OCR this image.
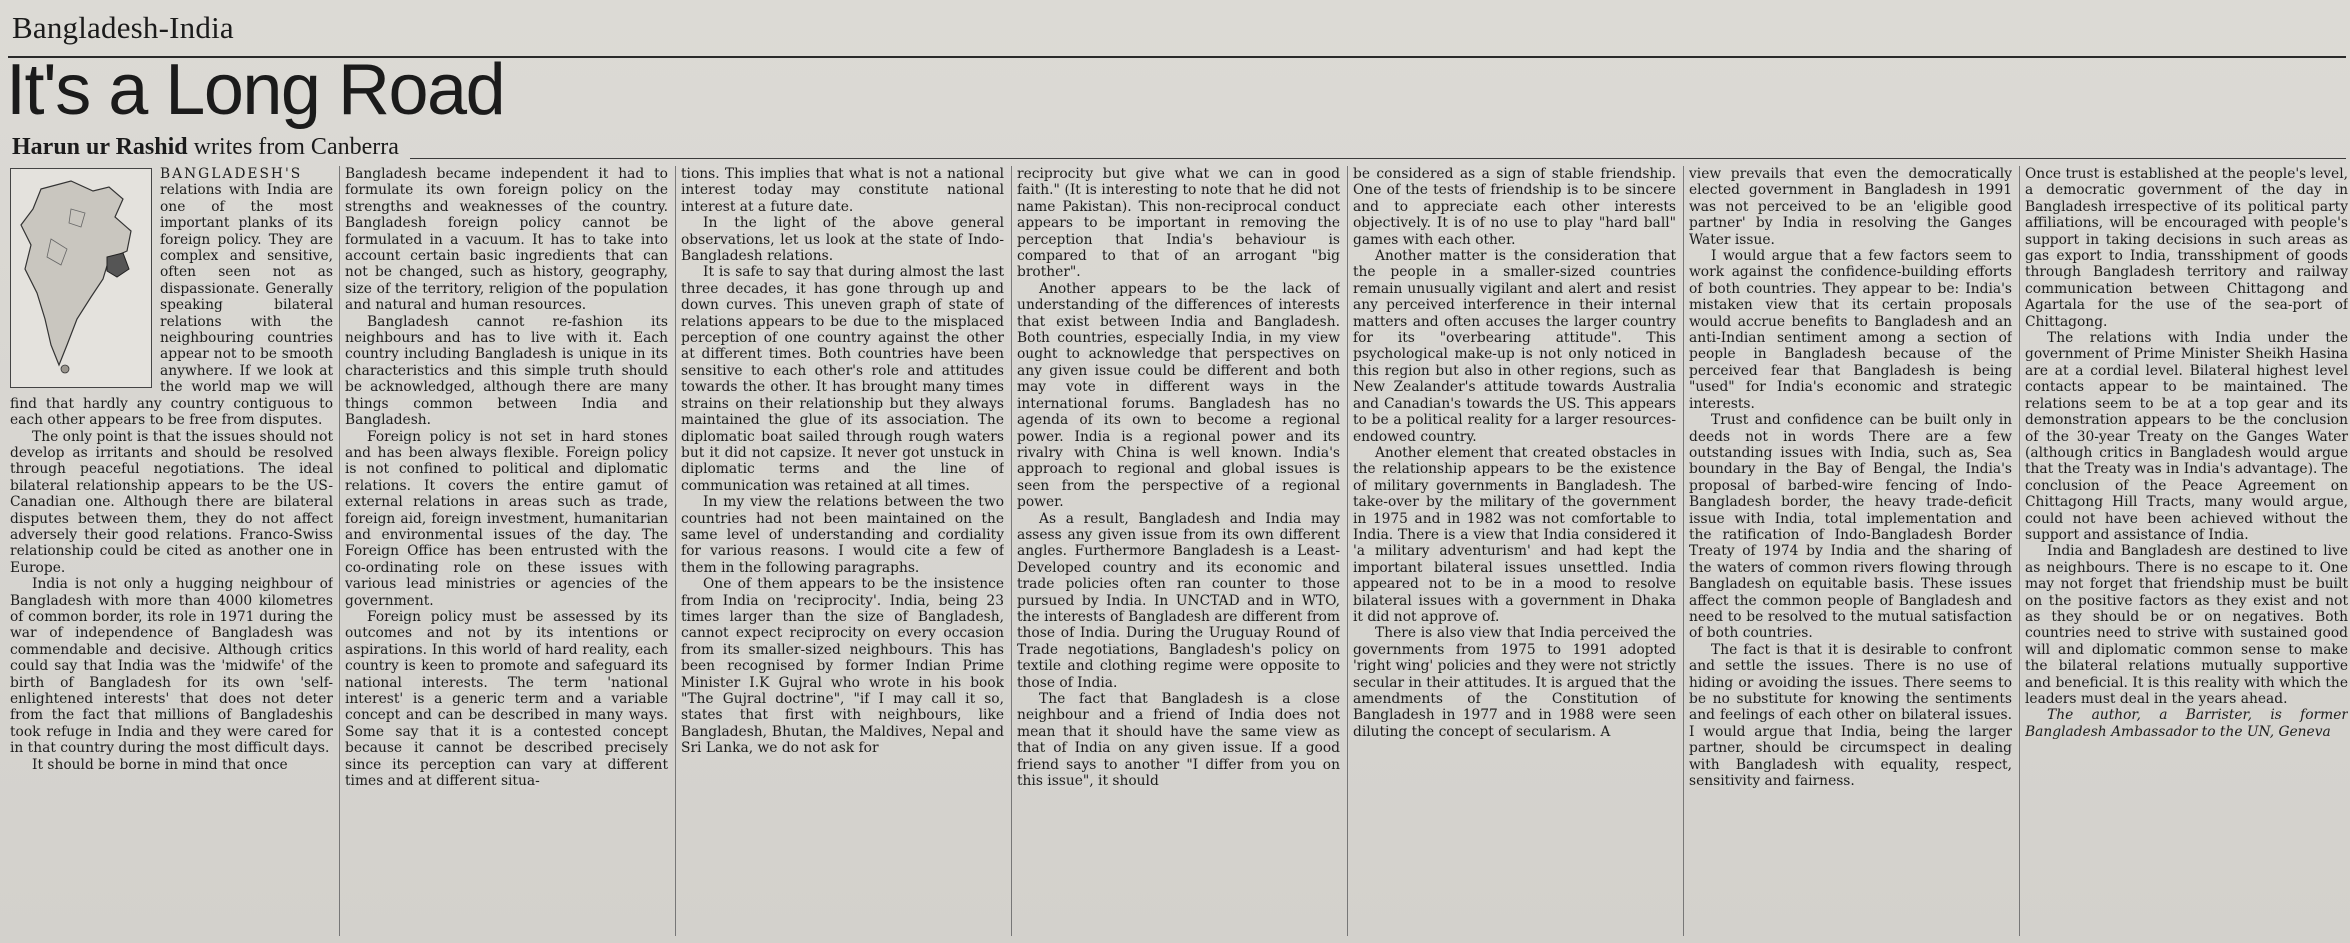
Bangladesh-India
It's a Long Road
Harun ur Rashid writes from Canberra

BANGLADESH'S relations with India are one of the most important planks of its foreign policy. They are complex and sensitive, often seen not as dispassionate. Generally speaking bilateral relations with the neighbouring countries appear not to be smooth anywhere. If we look at the world map we will find that hardly any country contiguous to each other appears to be free from disputes.

The only point is that the issues should not develop as irritants and should be resolved through peaceful negotiations. The ideal bilateral relationship appears to be the US-Canadian one. Although there are bilateral disputes between them, they do not affect adversely their good relations. Franco-Swiss relationship could be cited as another one in Europe.

India is not only a hugging neighbour of Bangladesh with more than 4000 kilometres of common border, its role in 1971 during the war of independence of Bangladesh was commendable and decisive. Although critics could say that India was the 'midwife' of the birth of Bangladesh for its own 'self-enlightened interests' that does not deter from the fact that millions of Bangladeshis took refuge in India and they were cared for in that country during the most difficult days.

It should be borne in mind that once

Bangladesh became independent it had to formulate its own foreign policy on the strengths and weaknesses of the country. Bangladesh foreign policy cannot be formulated in a vacuum. It has to take into account certain basic ingredients that can not be changed, such as history, geography, size of the territory, religion of the population and natural and human resources.

Bangladesh cannot re-fashion its neighbours and has to live with it. Each country including Bangladesh is unique in its characteristics and this simple truth should be acknowledged, although there are many things common between India and Bangladesh.

Foreign policy is not set in hard stones and has been always flexible. Foreign policy is not confined to political and diplomatic relations. It covers the entire gamut of external relations in areas such as trade, foreign aid, foreign investment, humanitarian and environmental issues of the day. The Foreign Office has been entrusted with the co-ordinating role on these issues with various lead ministries or agencies of the government.

Foreign policy must be assessed by its outcomes and not by its intentions or aspirations. In this world of hard reality, each country is keen to promote and safeguard its national interests. The term 'national interest' is a generic term and a variable concept and can be described in many ways. Some say that it is a contested concept because it cannot be described precisely since its perception can vary at different times and at different situa-

tions. This implies that what is not a national interest today may constitute national interest at a future date.

In the light of the above general observations, let us look at the state of Indo-Bangladesh relations.

It is safe to say that during almost the last three decades, it has gone through up and down curves. This uneven graph of state of relations appears to be due to the misplaced perception of one country against the other at different times. Both countries have been sensitive to each other's role and attitudes towards the other. It has brought many times strains on their relationship but they always maintained the glue of its association. The diplomatic boat sailed through rough waters but it did not capsize. It never got unstuck in diplomatic terms and the line of communication was retained at all times.

In my view the relations between the two countries had not been maintained on the same level of understanding and cordiality for various reasons. I would cite a few of them in the following paragraphs.

One of them appears to be the insistence from India on 'reciprocity'. India, being 23 times larger than the size of Bangladesh, cannot expect reciprocity on every occasion from its smaller-sized neighbours. This has been recognised by former Indian Prime Minister I.K Gujral who wrote in his book "The Gujral doctrine", "if I may call it so, states that first with neighbours, like Bangladesh, Bhutan, the Maldives, Nepal and Sri Lanka, we do not ask for

reciprocity but give what we can in good faith." (It is interesting to note that he did not name Pakistan). This non-reciprocal conduct appears to be important in removing the perception that India's behaviour is compared to that of an arrogant "big brother".

Another appears to be the lack of understanding of the differences of interests that exist between India and Bangladesh. Both countries, especially India, in my view ought to acknowledge that perspectives on any given issue could be different and both may vote in different ways in the international forums. Bangladesh has no agenda of its own to become a regional power. India is a regional power and its rivalry with China is well known. India's approach to regional and global issues is seen from the perspective of a regional power.

As a result, Bangladesh and India may assess any given issue from its own different angles. Furthermore Bangladesh is a Least-Developed country and its economic and trade policies often ran counter to those pursued by India. In UNCTAD and in WTO, the interests of Bangladesh are different from those of India. During the Uruguay Round of Trade negotiations, Bangladesh's policy on textile and clothing regime were opposite to those of India.

The fact that Bangladesh is a close neighbour and a friend of India does not mean that it should have the same view as that of India on any given issue. If a good friend says to another "I differ from you on this issue", it should

be considered as a sign of stable friendship. One of the tests of friendship is to be sincere and to appreciate each other interests objectively. It is of no use to play "hard ball" games with each other.

Another matter is the consideration that the people in a smaller-sized countries remain unusually vigilant and alert and resist any perceived interference in their internal matters and often accuses the larger country for its "overbearing attitude". This psychological make-up is not only noticed in this region but also in other regions, such as New Zealander's attitude towards Australia and Canadian's towards the US. This appears to be a political reality for a larger resources- endowed country.

Another element that created obstacles in the relationship appears to be the existence of military governments in Bangladesh. The take-over by the military of the government in 1975 and in 1982 was not comfortable to India. There is a view that India considered it 'a military adventurism' and had kept the important bilateral issues unsettled. India appeared not to be in a mood to resolve bilateral issues with a government in Dhaka it did not approve of.

There is also view that India perceived the governments from 1975 to 1991 adopted 'right wing' policies and they were not strictly secular in their attitudes. It is argued that the amendments of the Constitution of Bangladesh in 1977 and in 1988 were seen diluting the concept of secularism. A

view prevails that even the democratically elected government in Bangladesh in 1991 was not perceived to be an 'eligible good partner' by India in resolving the Ganges Water issue.

I would argue that a few factors seem to work against the confidence-building efforts of both countries. They appear to be: India's mistaken view that its certain proposals would accrue benefits to Bangladesh and an anti-Indian sentiment among a section of people in Bangladesh because of the perceived fear that Bangladesh is being "used" for India's economic and strategic interests.

Trust and confidence can be built only in deeds not in words There are a few outstanding issues with India, such as, Sea boundary in the Bay of Bengal, the India's proposal of barbed-wire fencing of Indo-Bangladesh border, the heavy trade-deficit issue with India, total implementation and the ratification of Indo-Bangladesh Border Treaty of 1974 by India and the sharing of the waters of common rivers flowing through Bangladesh on equitable basis. These issues affect the common people of Bangladesh and need to be resolved to the mutual satisfaction of both countries.

The fact is that it is desirable to confront and settle the issues. There is no use of hiding or avoiding the issues. There seems to be no substitute for knowing the sentiments and feelings of each other on bilateral issues. I would argue that India, being the larger partner, should be circumspect in dealing with Bangladesh with equality, respect, sensitivity and fairness.

Once trust is established at the people's level, a democratic government of the day in Bangladesh irrespective of its political party affiliations, will be encouraged with people's support in taking decisions in such areas as gas export to India, transshipment of goods through Bangladesh territory and railway communication between Chittagong and Agartala for the use of the sea-port of Chittagong.

The relations with India under the government of Prime Minister Sheikh Hasina are at a cordial level. Bilateral highest level contacts appear to be maintained. The relations seem to be at a top gear and its demonstration appears to be the conclusion of the 30-year Treaty on the Ganges Water (although critics in Bangladesh would argue that the Treaty was in India's advantage). The conclusion of the Peace Agreement on Chittagong Hill Tracts, many would argue, could not have been achieved without the support and assistance of India.

India and Bangladesh are destined to live as neighbours. There is no escape to it. One may not forget that friendship must be built on the positive factors as they exist and not as they should be or on negatives. Both countries need to strive with sustained good will and diplomatic common sense to make the bilateral relations mutually supportive and beneficial. It is this reality with which the leaders must deal in the years ahead.

The author, a Barrister, is former Bangladesh Ambassador to the UN, Geneva
